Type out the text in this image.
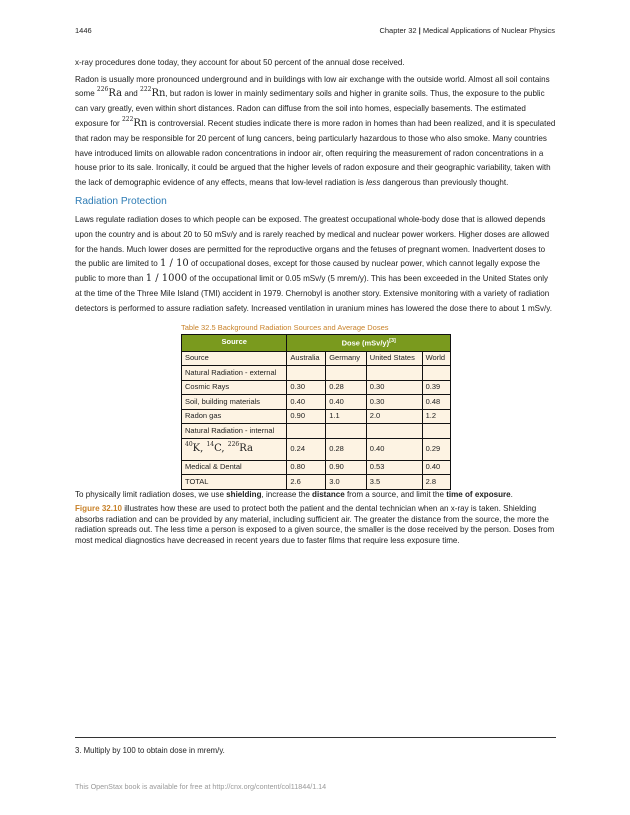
1446	Chapter 32 | Medical Applications of Nuclear Physics

x-ray procedures done today, they account for about 50 percent of the annual dose received.

Radon is usually more pronounced underground and in buildings with low air exchange with the outside world. Almost all soil contains some $^{226}$Ra and $^{222}$Rn, but radon is lower in mainly sedimentary soils and higher in granite soils. Thus, the exposure to the public can vary greatly, even within short distances. Radon can diffuse from the soil into homes, especially basements. The estimated exposure for $^{222}$Rn is controversial. Recent studies indicate there is more radon in homes than had been realized, and it is speculated that radon may be responsible for 20 percent of lung cancers, being particularly hazardous to those who also smoke. Many countries have introduced limits on allowable radon concentrations in indoor air, often requiring the measurement of radon concentrations in a house prior to its sale. Ironically, it could be argued that the higher levels of radon exposure and their geographic variability, taken with the lack of demographic evidence of any effects, means that low-level radiation is less dangerous than previously thought.

Radiation Protection

Laws regulate radiation doses to which people can be exposed. The greatest occupational whole-body dose that is allowed depends upon the country and is about 20 to 50 mSv/y and is rarely reached by medical and nuclear power workers. Higher doses are allowed for the hands. Much lower doses are permitted for the reproductive organs and the fetuses of pregnant women. Inadvertent doses to the public are limited to 1 / 10 of occupational doses, except for those caused by nuclear power, which cannot legally expose the public to more than 1 / 1000 of the occupational limit or 0.05 mSv/y (5 mrem/y). This has been exceeded in the United States only at the time of the Three Mile Island (TMI) accident in 1979. Chernobyl is another story. Extensive monitoring with a variety of radiation detectors is performed to assure radiation safety. Increased ventilation in uranium mines has lowered the dose there to about 1 mSv/y.

Table 32.5 Background Radiation Sources and Average Doses
Source	Dose (mSv/y)[3]
Source	Australia	Germany	United States	World
Natural Radiation - external				
Cosmic Rays	0.30	0.28	0.30	0.39
Soil, building materials	0.40	0.40	0.30	0.48
Radon gas	0.90	1.1	2.0	1.2
Natural Radiation - internal				
$^{40}$K, $^{14}$C, $^{226}$Ra	0.24	0.28	0.40	0.29
Medical & Dental	0.80	0.90	0.53	0.40
TOTAL	2.6	3.0	3.5	2.8

To physically limit radiation doses, we use shielding, increase the distance from a source, and limit the time of exposure.

Figure 32.10 illustrates how these are used to protect both the patient and the dental technician when an x-ray is taken. Shielding absorbs radiation and can be provided by any material, including sufficient air. The greater the distance from the source, the more the radiation spreads out. The less time a person is exposed to a given source, the smaller is the dose received by the person. Doses from most medical diagnostics have decreased in recent years due to faster films that require less exposure time.

3. Multiply by 100 to obtain dose in mrem/y.
This OpenStax book is available for free at http://cnx.org/content/col11844/1.14
